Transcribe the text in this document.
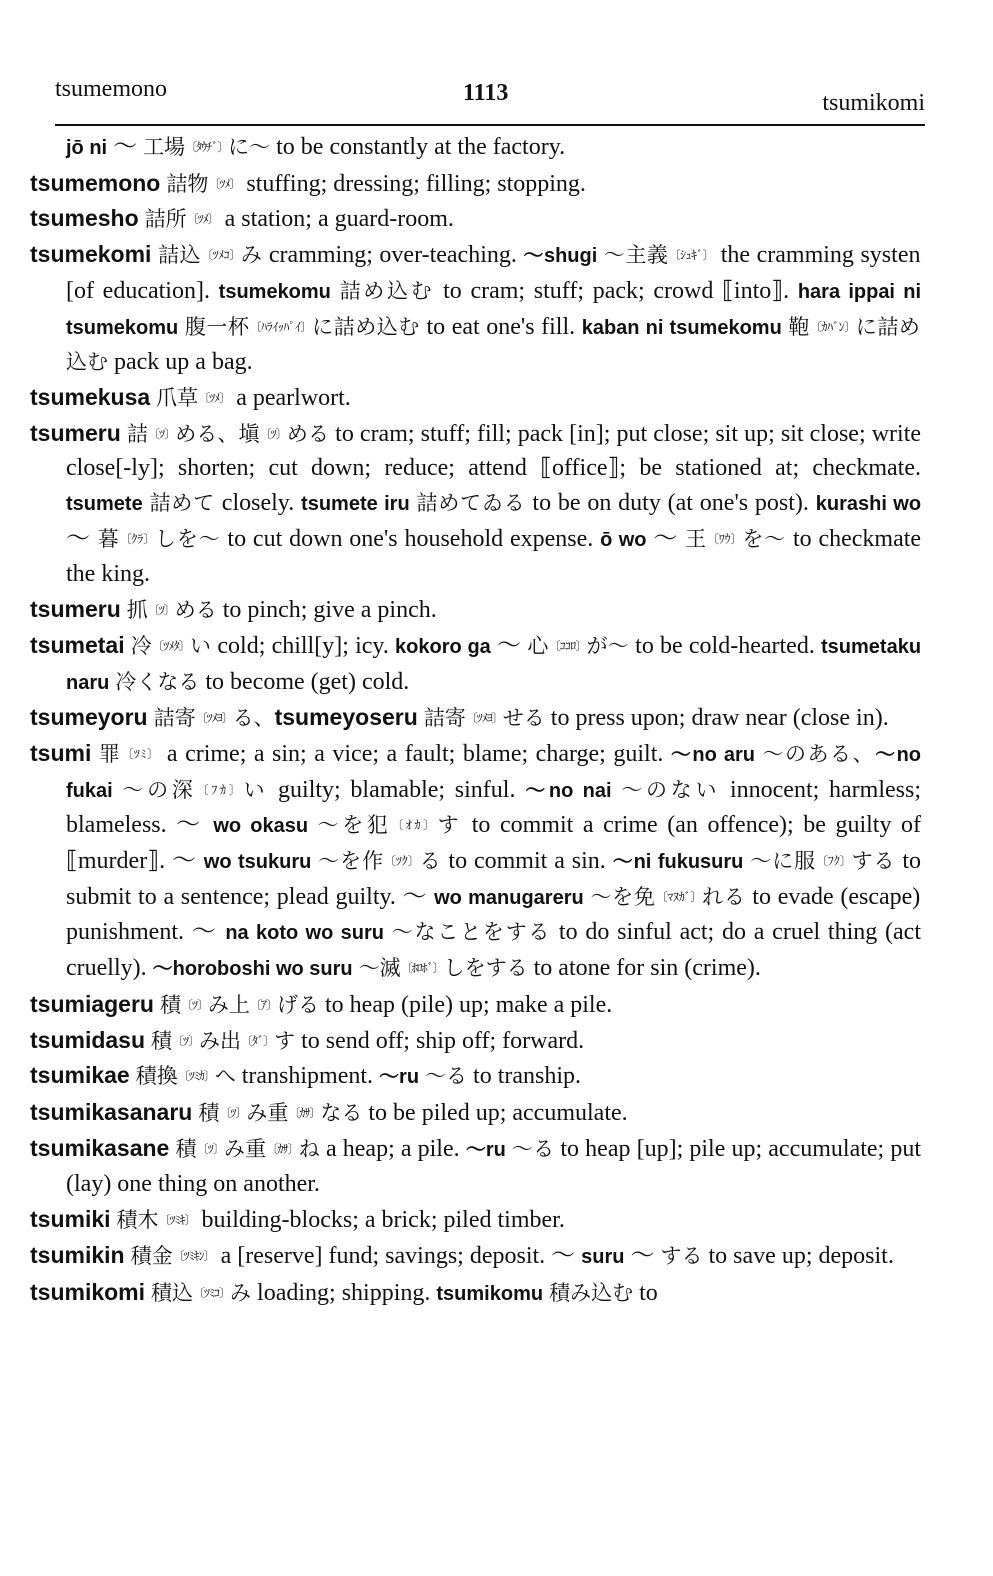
tsumemono	1113	tsumikomi

jō ni ～ 工場〔ﾀｳﾁﾞ〕に～ to be constantly at the factory.

tsumemono 詰物〔ﾂﾒ〕 stuffing; dressing; filling; stopping.

tsumesho 詰所〔ﾂﾒ〕 a station; a guard-room.

tsumekomi 詰込〔ﾂﾒｺ〕み cramming; over-teaching. ～shugi ～主義〔ｼｭｷﾞ〕 the cramming systen [of education]. tsumekomu 詰め込む to cram; stuff; pack; crowd ⟦into⟧. hara ippai ni tsumekomu 腹一杯〔ﾊﾗｲｯﾊﾟｲ〕に詰め込む to eat one's fill. kaban ni tsumekomu 鞄〔ｶﾊﾞﾝ〕に詰め込む pack up a bag.

tsumekusa 爪草〔ﾂﾒ〕 a pearlwort.

tsumeru 詰〔ﾂ〕める、塡〔ﾂ〕める to cram; stuff; fill; pack [in]; put close; sit up; sit close; write close[-ly]; shorten; cut down; reduce; attend ⟦office⟧; be stationed at; checkmate. tsumete 詰めて closely. tsumete iru 詰めてゐる to be on duty (at one's post). kurashi wo ～ 暮〔ｸﾗ〕しを～ to cut down one's household expense. ō wo ～ 王〔ﾜｳ〕を～ to checkmate the king.

tsumeru 抓〔ﾂ〕める to pinch; give a pinch.

tsumetai 冷〔ﾂﾒﾀ〕い cold; chill[y]; icy. kokoro ga ～ 心〔ｺｺﾛ〕が～ to be cold-hearted. tsumetaku naru 冷くなる to become (get) cold.

tsumeyoru 詰寄〔ﾂﾒﾖ〕る、tsumeyoseru 詰寄〔ﾂﾒﾖ〕せる to press upon; draw near (close in).

tsumi 罪〔ﾂﾐ〕 a crime; a sin; a vice; a fault; blame; charge; guilt. ～no aru ～のある、～no fukai ～の深〔ﾌｶ〕い guilty; blamable; sinful. ～no nai ～のない innocent; harmless; blameless. ～ wo okasu ～を犯〔ｵｶ〕す to commit a crime (an offence); be guilty of ⟦murder⟧. ～ wo tsukuru ～を作〔ﾂｸ〕る to commit a sin. ～ni fukusuru ～に服〔ﾌｸ〕する to submit to a sentence; plead guilty. ～ wo manugareru ～を免〔ﾏﾇｶﾞ〕れる to evade (escape) punishment. ～ na koto wo suru ～なことをする to do sinful act; do a cruel thing (act cruelly). ～horoboshi wo suru ～滅〔ﾎﾛﾎﾞ〕しをする to atone for sin (crime).

tsumiageru 積〔ﾂ〕み上〔ｱ〕げる to heap (pile) up; make a pile.

tsumidasu 積〔ﾂ〕み出〔ﾀﾞ〕す to send off; ship off; forward.

tsumikae 積換〔ﾂﾐｶ〕へ transhipment. ～ru ～る to tranship.

tsumikasanaru 積〔ﾂ〕み重〔ｶｻ〕なる to be piled up; accumulate.

tsumikasane 積〔ﾂ〕み重〔ｶｻ〕ね a heap; a pile. ～ru ～る to heap [up]; pile up; accumulate; put (lay) one thing on another.

tsumiki 積木〔ﾂﾐｷ〕 building-blocks; a brick; piled timber.

tsumikin 積金〔ﾂﾐｷﾝ〕 a [reserve] fund; savings; deposit. ～ suru ～ する to save up; deposit.

tsumikomi 積込〔ﾂﾐｺ〕み loading; shipping. tsumikomu 積み込む to
